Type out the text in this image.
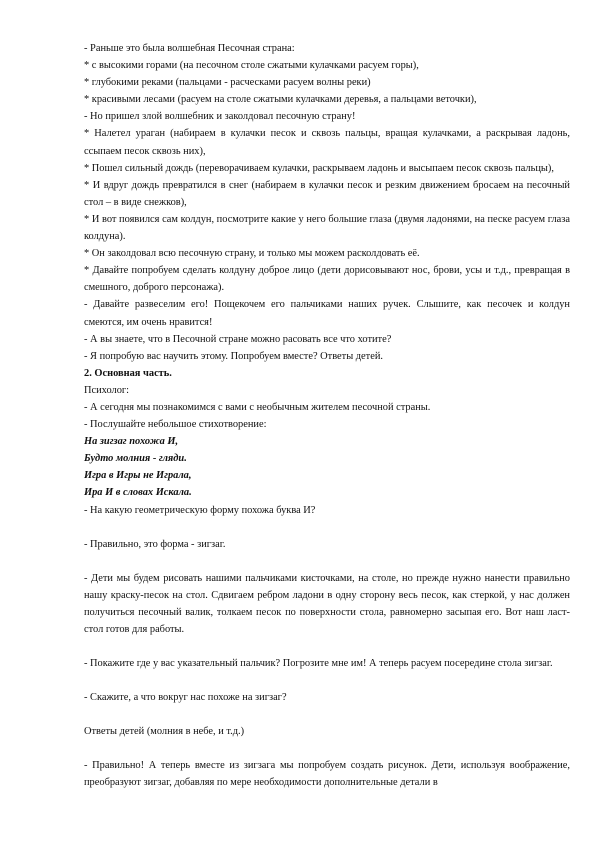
- Раньше это была волшебная Песочная страна:

* с высокими горами (на песочном столе сжатыми кулачками расуем горы),

* глубокими реками (пальцами - расческами расуем волны реки)

* красивыми лесами (расуем на столе сжатыми кулачками деревья, а пальцами веточки),

- Но пришел злой волшебник и заколдовал песочную страну!

* Налетел ураган (набираем в кулачки песок и сквозь пальцы, вращая кулачками, а раскрывая ладонь, ссыпаем песок сквозь них),

* Пошел сильный дождь (переворачиваем кулачки, раскрываем ладонь и высыпаем песок сквозь пальцы),

* И вдруг дождь превратился в снег (набираем в кулачки песок и резким движением бросаем на песочный стол – в виде снежков),

* И вот появился сам колдун, посмотрите какие у него большие глаза (двумя ладонями, на песке расуем глаза колдуна).

* Он заколдовал всю песочную страну, и только мы можем расколдовать её.

* Давайте попробуем сделать колдуну доброе лицо (дети дорисовывают нос, брови, усы и т.д., превращая в смешного, доброго персонажа).

- Давайте развеселим его! Пощекочем его пальчиками наших ручек. Слышите, как песочек и колдун смеются, им очень нравится!

- А вы знаете, что в Песочной стране можно расовать все что хотите?

- Я попробую вас научить этому. Попробуем вместе? Ответы детей.

2. Основная часть.

Психолог:

- А сегодня мы познакомимся с вами с необычным жителем песочной страны.

- Послушайте небольшое стихотворение:

На зигзаг похожа И,

Будто молния - гляди.

Игра в Игры не Играла,

Ира И в словах Искала.

- На какую геометрическую форму похожа буква И?

- Правильно, это форма - зигзаг.

- Дети мы будем рисовать нашими пальчиками кисточками, на столе, но прежде нужно нанести правильно нашу краску-песок на стол. Сдвигаем ребром ладони в одну сторону весь песок, как стеркой, у нас должен получиться песочный валик, толкаем песок по поверхности стола, равномерно засыпая его. Вот наш ласт-стол готов для работы.

- Покажите где у вас указательный пальчик? Погрозите мне им! А теперь расуем посередине стола зигзаг.

- Скажите, а что вокруг нас похоже на зигзаг?

Ответы детей (молния в небе, и т.д.)

- Правильно! А теперь вместе из зигзага мы попробуем создать рисунок. Дети, используя воображение, преобразуют зигзаг, добавляя по мере необходимости дополнительные детали в
